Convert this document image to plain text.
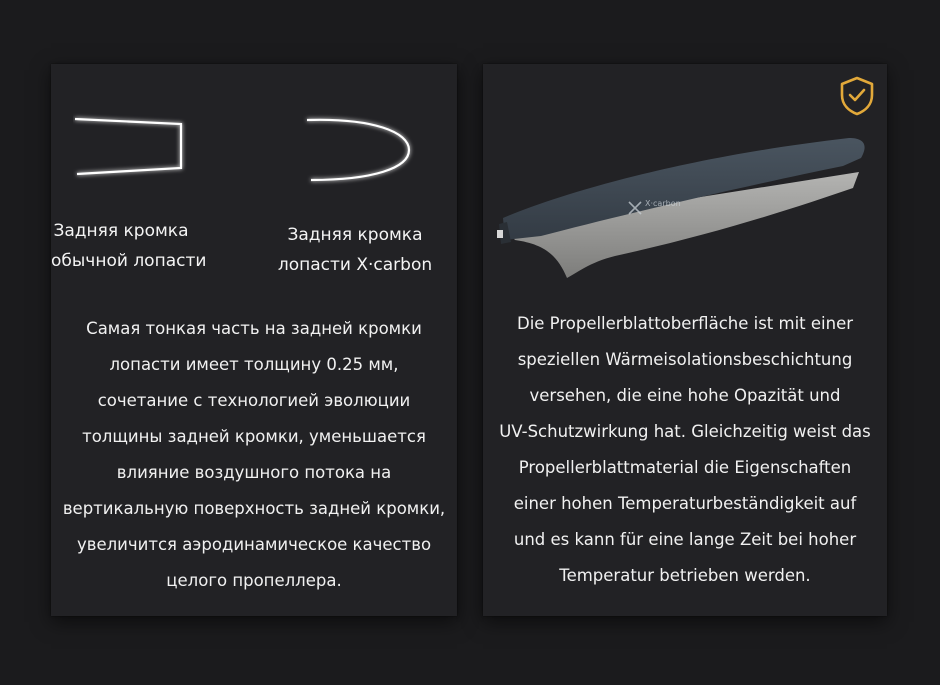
Задняя кромка
обычной лопасти
Задняя кромка
лопасти X·carbon
Самая тонкая часть на задней кромки
лопасти имеет толщину 0.25 мм,
сочетание с технологией эволюции
толщины задней кромки, уменьшается
влияние воздушного потока на
вертикальную поверхность задней кромки,
увеличится аэродинамическое качество
целого пропеллера.
X·carbon
Die Propellerblattoberfläche ist mit einer
speziellen Wärmeisolationsbeschichtung
versehen, die eine hohe Opazität und
UV-Schutzwirkung hat. Gleichzeitig weist das
Propellerblattmaterial die Eigenschaften
einer hohen Temperaturbeständigkeit auf
und es kann für eine lange Zeit bei hoher
Temperatur betrieben werden.
